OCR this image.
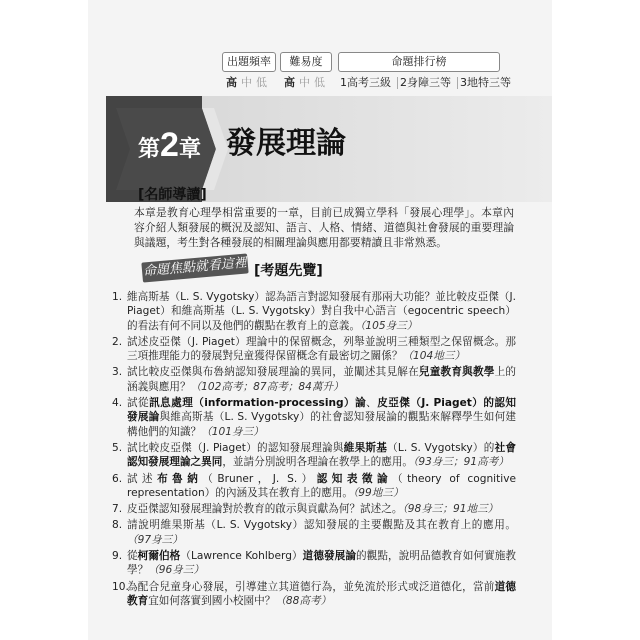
出題頻率	難易度	命題排行榜
高 中 低	高 中 低	1高考三級 2身障三等 3地特三等
第2章 發展理論
[名師導讀]
本章是教育心理學相當重要的一章，目前已成獨立學科「發展心理學」。本章內容介紹人類發展的概況及認知、語言、人格、情緒、道德與社會發展的重要理論與議題，考生對各種發展的相關理論與應用都要精讀且非常熟悉。
命題焦點就看這裡 [考題先覽]
1. 維高斯基（L. S. Vygotsky）認為語言對認知發展有那兩大功能？並比較皮亞傑（J. Piaget）和維高斯基（L. S. Vygotsky）對自我中心語言（egocentric speech）的看法有何不同以及他們的觀點在教育上的意義。（105身三）
2. 試述皮亞傑（J. Piaget）理論中的保留概念，列舉並說明三種類型之保留概念。那三項推理能力的發展對兒童獲得保留概念有最密切之關係？（104地三）
3. 試比較皮亞傑與布魯納認知發展理論的異同，並闡述其見解在兒童教育與教學上的涵義與應用？（102高考；87高考；84萬升）
4. 試從訊息處理（information-processing）論、皮亞傑（J. Piaget）的認知發展論與維高斯基（L. S. Vygotsky）的社會認知發展論的觀點來解釋學生如何建構他們的知識？（101身三）
5. 試比較皮亞傑（J. Piaget）的認知發展理論與維果斯基（L. S. Vygotsky）的社會認知發展理論之異同，並請分別說明各理論在教學上的應用。（93身三；91高考）
6. 試述布魯納（Bruner，J. S.）認知表徵論（theory of cognitive representation）的內涵及其在教育上的應用。（99地三）
7. 皮亞傑認知發展理論對於教育的啟示與貢獻為何？試述之。（98身三；91地三）
8. 請說明維果斯基（L. S. Vygotsky）認知發展的主要觀點及其在教育上的應用。（97身三）
9. 從柯爾伯格（Lawrence Kohlberg）道德發展論的觀點，說明品德教育如何實施教學？（96身三）
10.
為配合兒童身心發展，引導建立其道德行為，並免流於形式或泛道德化，當前道德教育宜如何落實到國小校園中？（88高考）
